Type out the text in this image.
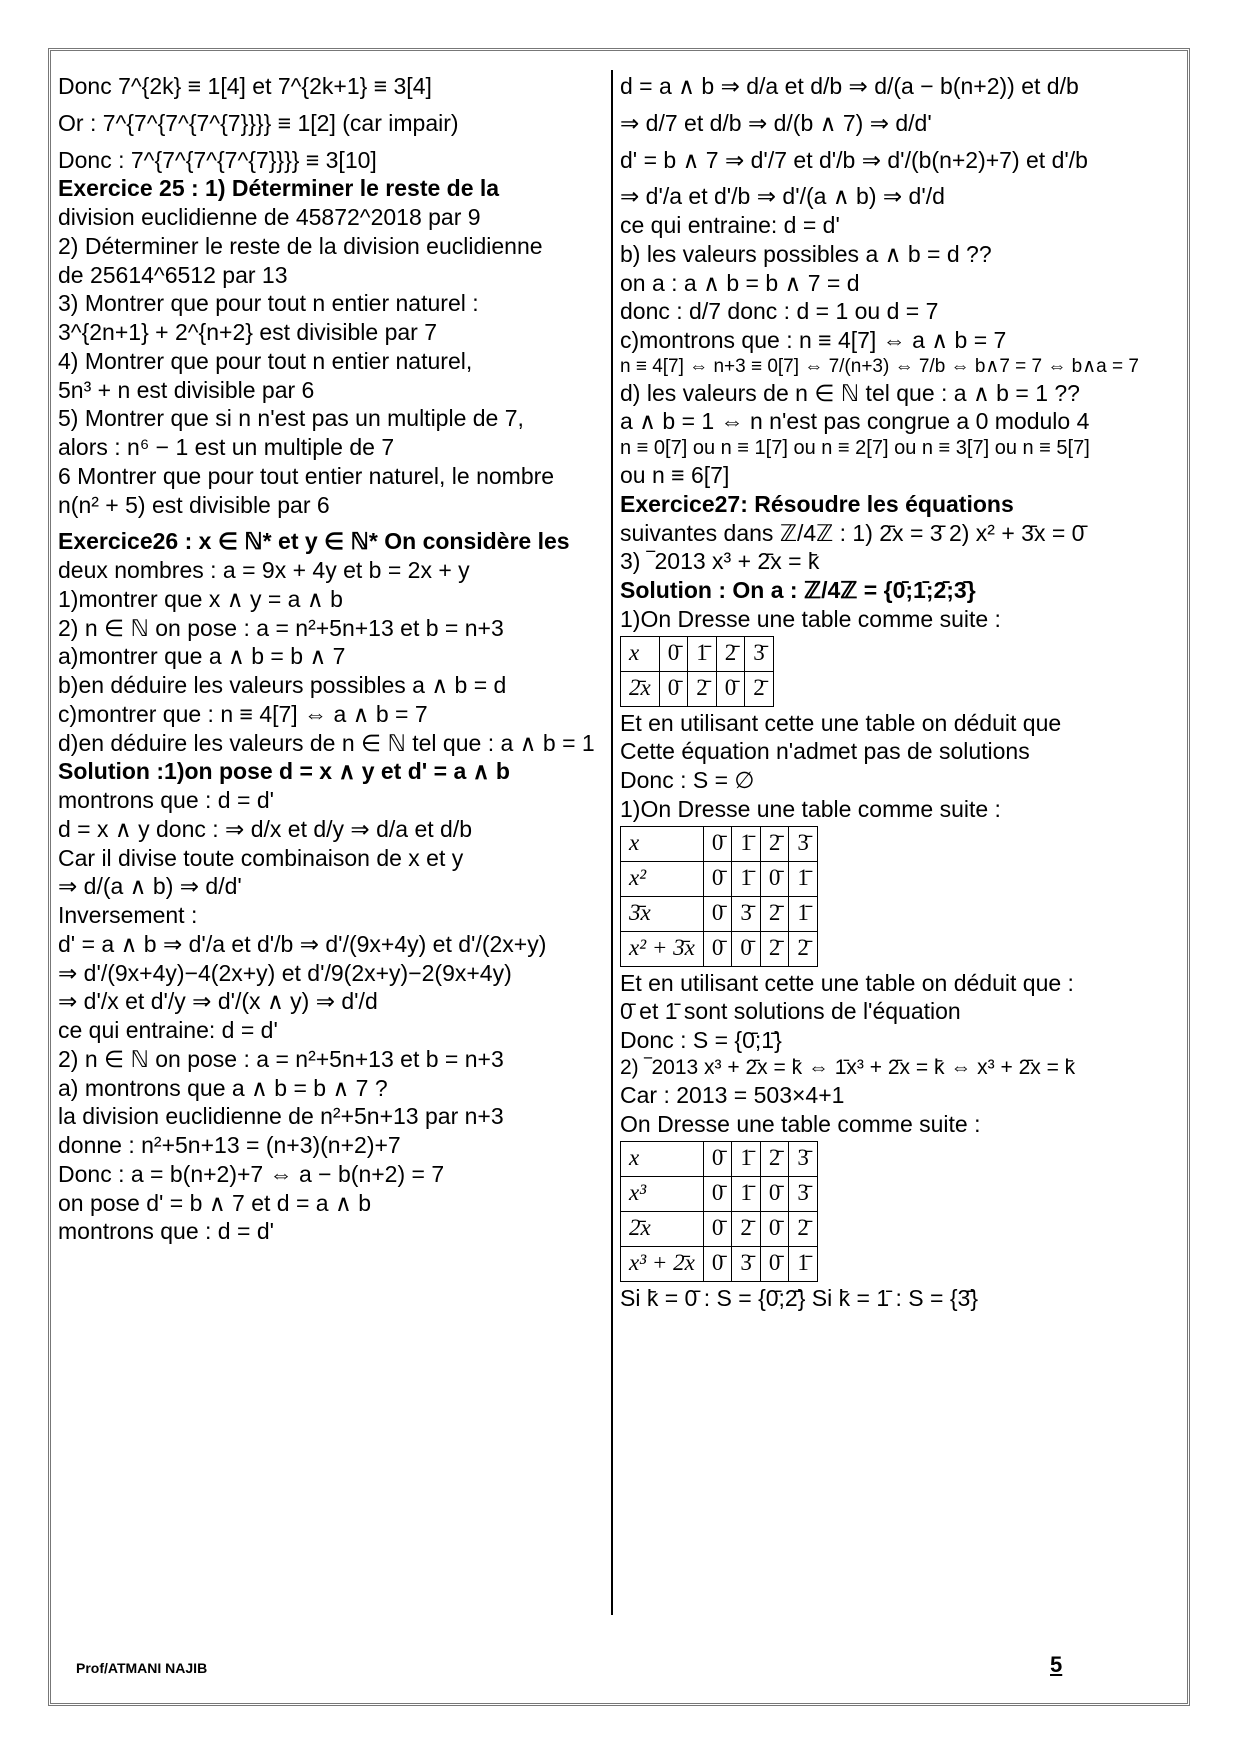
Donc 7^{2k} ≡ 1[4] et 7^{2k+1} ≡ 3[4]

Or : 7^{7^{7^{7^{7}}}} ≡ 1[2] (car impair)

Donc : 7^{7^{7^{7^{7}}}} ≡ 3[10]

Exercice 25 : 1) Déterminer le reste de la

division euclidienne de 45872^2018 par 9

2) Déterminer le reste de la division euclidienne

de 25614^6512 par 13

3) Montrer que pour tout n entier naturel :

3^{2n+1} + 2^{n+2} est divisible par 7

4) Montrer que pour tout n entier naturel,

5n³ + n est divisible par 6

5) Montrer que si n n'est pas un multiple de 7,

alors : n⁶ − 1 est un multiple de 7

6 Montrer que pour tout entier naturel, le nombre

n(n² + 5) est divisible par 6

Exercice26 : x ∈ ℕ* et y ∈ ℕ* On considère les

deux nombres : a = 9x + 4y et b = 2x + y

1)montrer que x ∧ y = a ∧ b

2) n ∈ ℕ on pose : a = n²+5n+13 et b = n+3

a)montrer que a ∧ b = b ∧ 7

b)en déduire les valeurs possibles a ∧ b = d

c)montrer que : n ≡ 4[7] ⇔ a ∧ b = 7

d)en déduire les valeurs de n ∈ ℕ tel que : a ∧ b = 1

Solution :1)on pose d = x ∧ y et d' = a ∧ b

montrons que : d = d'

d = x ∧ y donc : ⇒ d/x et d/y ⇒ d/a et d/b

Car il divise toute combinaison de x et y

⇒ d/(a ∧ b) ⇒ d/d'

Inversement :

d' = a ∧ b ⇒ d'/a et d'/b ⇒ d'/(9x+4y) et d'/(2x+y)

⇒ d'/(9x+4y)−4(2x+y) et d'/9(2x+y)−2(9x+4y)

⇒ d'/x et d'/y ⇒ d'/(x ∧ y) ⇒ d'/d

ce qui entraine: d = d'

2) n ∈ ℕ on pose : a = n²+5n+13 et b = n+3

a) montrons que a ∧ b = b ∧ 7 ?

la division euclidienne de n²+5n+13 par n+3

donne : n²+5n+13 = (n+3)(n+2)+7

Donc : a = b(n+2)+7 ⇔ a − b(n+2) = 7

on pose d' = b ∧ 7 et d = a ∧ b

montrons que : d = d'

d = a ∧ b ⇒ d/a et d/b ⇒ d/(a − b(n+2)) et d/b

⇒ d/7 et d/b ⇒ d/(b ∧ 7) ⇒ d/d'

d' = b ∧ 7 ⇒ d'/7 et d'/b ⇒ d'/(b(n+2)+7) et d'/b

⇒ d'/a et d'/b ⇒ d'/(a ∧ b) ⇒ d'/d

ce qui entraine: d = d'

b) les valeurs possibles a ∧ b = d ??

on a : a ∧ b = b ∧ 7 = d

donc : d/7 donc : d = 1 ou d = 7

c)montrons que : n ≡ 4[7] ⇔ a ∧ b = 7

n ≡ 4[7] ⇔ n+3 ≡ 0[7] ⇔ 7/(n+3) ⇔ 7/b ⇔ b∧7 = 7 ⇔ b∧a = 7

d) les valeurs de n ∈ ℕ tel que : a ∧ b = 1 ??

a ∧ b = 1 ⇔ n n'est pas congrue a 0 modulo 4

n ≡ 0[7] ou n ≡ 1[7] ou n ≡ 2[7] ou n ≡ 3[7] ou n ≡ 5[7]

ou n ≡ 6[7]

Exercice27: Résoudre les équations

suivantes dans ℤ/4ℤ : 1) 2̄x = 3̄ 2) x² + 3̄x = 0̄

3) ‾2013 x³ + 2̄x = k̄

Solution : On a : ℤ/4ℤ = {0̄;1̄;2̄;3̄}

1)On Dresse une table comme suite :

x	0̄	1̄	2̄	3̄
2̄x	0̄	2̄	0̄	2̄

Et en utilisant cette une table on déduit que

Cette équation n'admet pas de solutions

Donc : S = ∅

1)On Dresse une table comme suite :

x	0̄	1̄	2̄	3̄
x²	0̄	1̄	0̄	1̄
3̄x	0̄	3̄	2̄	1̄
x² + 3̄x	0̄	0̄	2̄	2̄

Et en utilisant cette une table on déduit que :

0̄ et 1̄ sont solutions de l'équation

Donc : S = {0̄;1̄}

2) ‾2013 x³ + 2̄x = k̄ ⇔ 1̄x³ + 2̄x = k̄ ⇔ x³ + 2̄x = k̄

Car : 2013 = 503×4+1

On Dresse une table comme suite :

x	0̄	1̄	2̄	3̄
x³	0̄	1̄	0̄	3̄
2̄x	0̄	2̄	0̄	2̄
x³ + 2̄x	0̄	3̄	0̄	1̄

Si k̄ = 0̄ : S = {0̄;2̄} Si k̄ = 1̄ : S = {3̄}

Prof/ATMANI NAJIB	5
